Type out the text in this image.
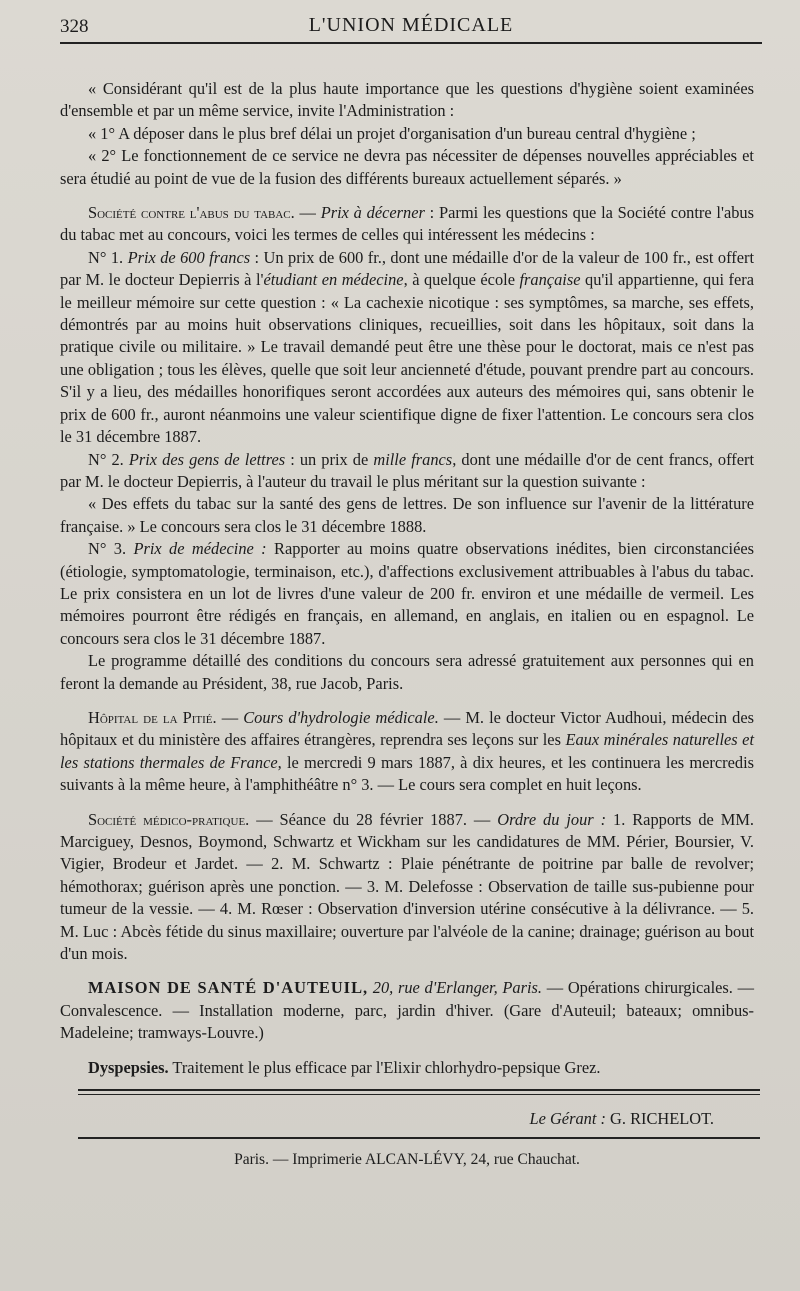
328	L'UNION MÉDICALE

« Considérant qu'il est de la plus haute importance que les questions d'hygiène soient examinées d'ensemble et par un même service, invite l'Administration :

« 1° A déposer dans le plus bref délai un projet d'organisation d'un bureau central d'hygiène ;

« 2° Le fonctionnement de ce service ne devra pas nécessiter de dépenses nouvelles appréciables et sera étudié au point de vue de la fusion des différents bureaux actuellement séparés. »

Société contre l'abus du tabac. — Prix à décerner : Parmi les questions que la Société contre l'abus du tabac met au concours, voici les termes de celles qui intéressent les médecins :

N° 1. Prix de 600 francs : Un prix de 600 fr., dont une médaille d'or de la valeur de 100 fr., est offert par M. le docteur Depierris à l'étudiant en médecine, à quelque école française qu'il appartienne, qui fera le meilleur mémoire sur cette question : « La cachexie nicotique : ses symptômes, sa marche, ses effets, démontrés par au moins huit observations cliniques, recueillies, soit dans les hôpitaux, soit dans la pratique civile ou militaire. » Le travail demandé peut être une thèse pour le doctorat, mais ce n'est pas une obligation ; tous les élèves, quelle que soit leur ancienneté d'étude, pouvant prendre part au concours. S'il y a lieu, des médailles honorifiques seront accordées aux auteurs des mémoires qui, sans obtenir le prix de 600 fr., auront néanmoins une valeur scientifique digne de fixer l'attention. Le concours sera clos le 31 décembre 1887.

N° 2. Prix des gens de lettres : un prix de mille francs, dont une médaille d'or de cent francs, offert par M. le docteur Depierris, à l'auteur du travail le plus méritant sur la question suivante :

« Des effets du tabac sur la santé des gens de lettres. De son influence sur l'avenir de la littérature française. » Le concours sera clos le 31 décembre 1888.

N° 3. Prix de médecine : Rapporter au moins quatre observations inédites, bien circonstanciées (étiologie, symptomatologie, terminaison, etc.), d'affections exclusivement attribuables à l'abus du tabac. Le prix consistera en un lot de livres d'une valeur de 200 fr. environ et une médaille de vermeil. Les mémoires pourront être rédigés en français, en allemand, en anglais, en italien ou en espagnol. Le concours sera clos le 31 décembre 1887.

Le programme détaillé des conditions du concours sera adressé gratuitement aux personnes qui en feront la demande au Président, 38, rue Jacob, Paris.

Hôpital de la Pitié. — Cours d'hydrologie médicale. — M. le docteur Victor Audhoui, médecin des hôpitaux et du ministère des affaires étrangères, reprendra ses leçons sur les Eaux minérales naturelles et les stations thermales de France, le mercredi 9 mars 1887, à dix heures, et les continuera les mercredis suivants à la même heure, à l'amphithéâtre n° 3. — Le cours sera complet en huit leçons.

Société médico-pratique. — Séance du 28 février 1887. — Ordre du jour : 1. Rapports de MM. Marciguey, Desnos, Boymond, Schwartz et Wickham sur les candidatures de MM. Périer, Boursier, V. Vigier, Brodeur et Jardet. — 2. M. Schwartz : Plaie pénétrante de poitrine par balle de revolver; hémothorax; guérison après une ponction. — 3. M. Delefosse : Observation de taille sus-pubienne pour tumeur de la vessie. — 4. M. Rœser : Observation d'inversion utérine consécutive à la délivrance. — 5. M. Luc : Abcès fétide du sinus maxillaire; ouverture par l'alvéole de la canine; drainage; guérison au bout d'un mois.

MAISON DE SANTÉ D'AUTEUIL, 20, rue d'Erlanger, Paris. — Opérations chirurgicales. — Convalescence. — Installation moderne, parc, jardin d'hiver. (Gare d'Auteuil; bateaux; omnibus-Madeleine; tramways-Louvre.)

Dyspepsies. Traitement le plus efficace par l'Elixir chlorhydro-pepsique Grez.

Le Gérant : G. RICHELOT.
Paris. — Imprimerie ALCAN-LÉVY, 24, rue Chauchat.
